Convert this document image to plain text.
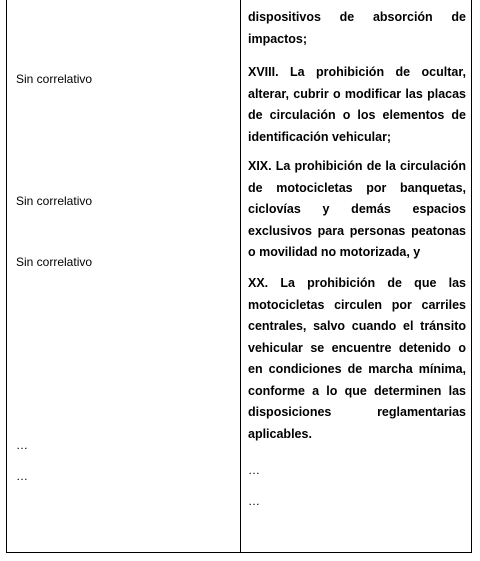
Sin correlativo
Sin correlativo
Sin correlativo
…
…

dispositivos de absorción de impactos;

XVIII. La prohibición de ocultar, alterar, cubrir o modificar las placas de circulación o los elementos de identificación vehicular;

XIX. La prohibición de la circulación de motocicletas por banquetas, ciclovías y demás espacios exclusivos para personas peatonas o movilidad no motorizada, y

XX. La prohibición de que las motocicletas circulen por carriles centrales, salvo cuando el tránsito vehicular se encuentre detenido o en condiciones de marcha mínima, conforme a lo que determinen las disposiciones reglamentarias aplicables.

…
…
